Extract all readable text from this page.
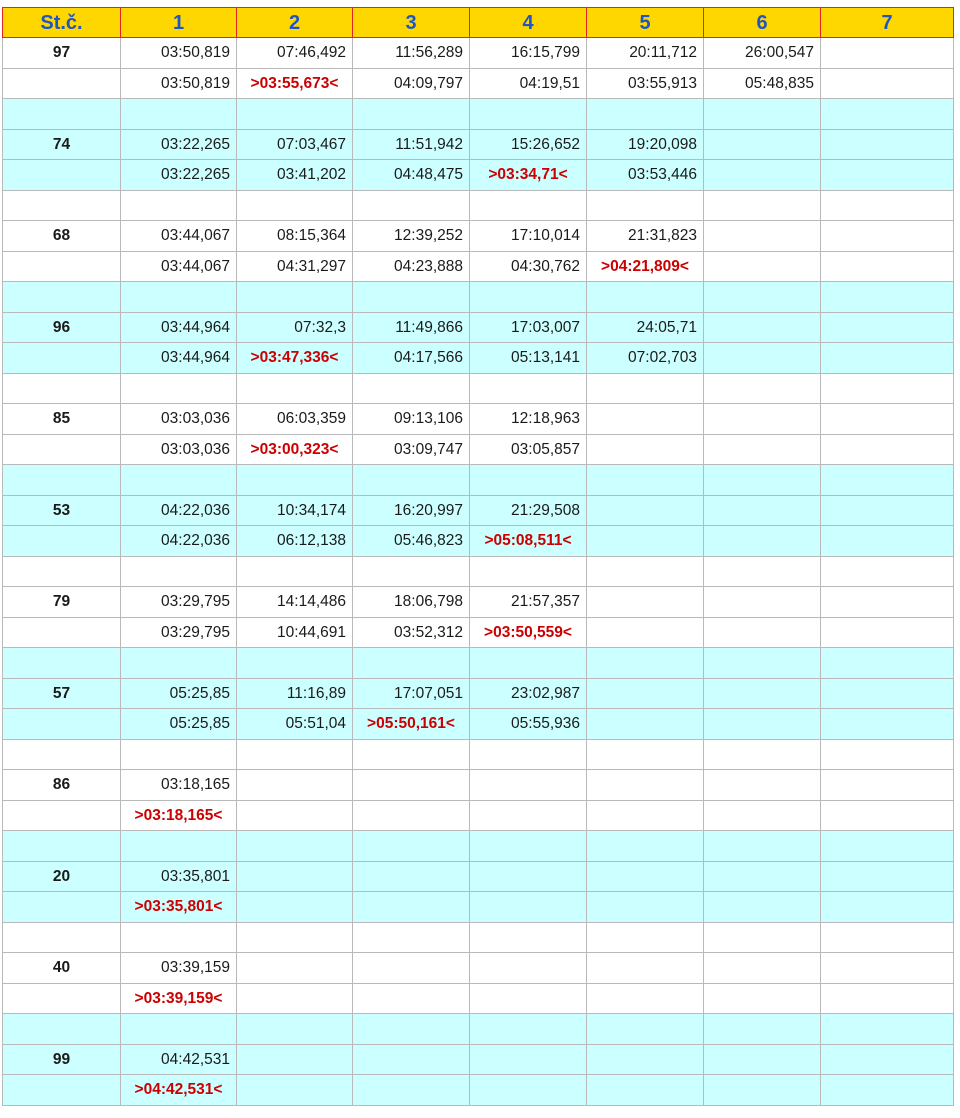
St.č.	1	2	3	4	5	6	7
97	03:50,819	07:46,492	11:56,289	16:15,799	20:11,712	26:00,547	
	03:50,819	>03:55,673<	04:09,797	04:19,51	03:55,913	05:48,835	

74	03:22,265	07:03,467	11:51,942	15:26,652	19:20,098		
	03:22,265	03:41,202	04:48,475	>03:34,71<	03:53,446		

68	03:44,067	08:15,364	12:39,252	17:10,014	21:31,823		
	03:44,067	04:31,297	04:23,888	04:30,762	>04:21,809<		

96	03:44,964	07:32,3	11:49,866	17:03,007	24:05,71		
	03:44,964	>03:47,336<	04:17,566	05:13,141	07:02,703		

85	03:03,036	06:03,359	09:13,106	12:18,963			
	03:03,036	>03:00,323<	03:09,747	03:05,857			

53	04:22,036	10:34,174	16:20,997	21:29,508			
	04:22,036	06:12,138	05:46,823	>05:08,511<			

79	03:29,795	14:14,486	18:06,798	21:57,357			
	03:29,795	10:44,691	03:52,312	>03:50,559<			

57	05:25,85	11:16,89	17:07,051	23:02,987			
	05:25,85	05:51,04	>05:50,161<	05:55,936			

86	03:18,165						
	>03:18,165<						

20	03:35,801						
	>03:35,801<						

40	03:39,159						
	>03:39,159<						

99	04:42,531						
	>04:42,531<						
